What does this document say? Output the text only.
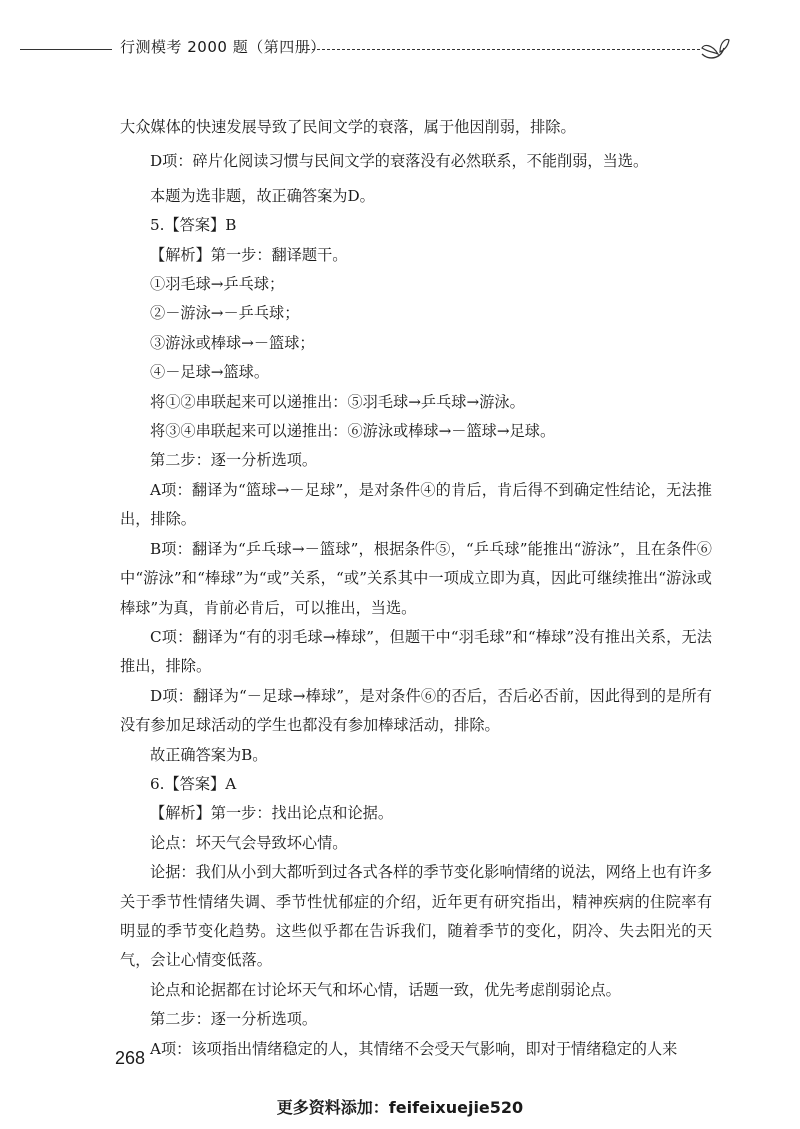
行测模考 2000 题（第四册）

大众媒体的快速发展导致了民间文学的衰落，属于他因削弱，排除。

D项：碎片化阅读习惯与民间文学的衰落没有必然联系，不能削弱，当选。

本题为选非题，故正确答案为D。

5.【答案】B

【解析】第一步：翻译题干。

①羽毛球→乒乓球；

②－游泳→－乒乓球；

③游泳或棒球→－篮球；

④－足球→篮球。

将①②串联起来可以递推出：⑤羽毛球→乒乓球→游泳。

将③④串联起来可以递推出：⑥游泳或棒球→－篮球→足球。

第二步：逐一分析选项。

A项：翻译为“篮球→－足球”，是对条件④的肯后，肯后得不到确定性结论，无法推出，排除。

B项：翻译为“乒乓球→－篮球”，根据条件⑤，“乒乓球”能推出“游泳”，且在条件⑥中“游泳”和“棒球”为“或”关系，“或”关系其中一项成立即为真，因此可继续推出“游泳或棒球”为真，肯前必肯后，可以推出，当选。

C项：翻译为“有的羽毛球→棒球”，但题干中“羽毛球”和“棒球”没有推出关系，无法推出，排除。

D项：翻译为“－足球→棒球”，是对条件⑥的否后，否后必否前，因此得到的是所有没有参加足球活动的学生也都没有参加棒球活动，排除。

故正确答案为B。

6.【答案】A

【解析】第一步：找出论点和论据。

论点：坏天气会导致坏心情。

论据：我们从小到大都听到过各式各样的季节变化影响情绪的说法，网络上也有许多关于季节性情绪失调、季节性忧郁症的介绍，近年更有研究指出，精神疾病的住院率有明显的季节变化趋势。这些似乎都在告诉我们，随着季节的变化，阴冷、失去阳光的天气，会让心情变低落。

论点和论据都在讨论坏天气和坏心情，话题一致，优先考虑削弱论点。

第二步：逐一分析选项。

A项：该项指出情绪稳定的人，其情绪不会受天气影响，即对于情绪稳定的人来

268
更多资料添加：feifeixuejie520
